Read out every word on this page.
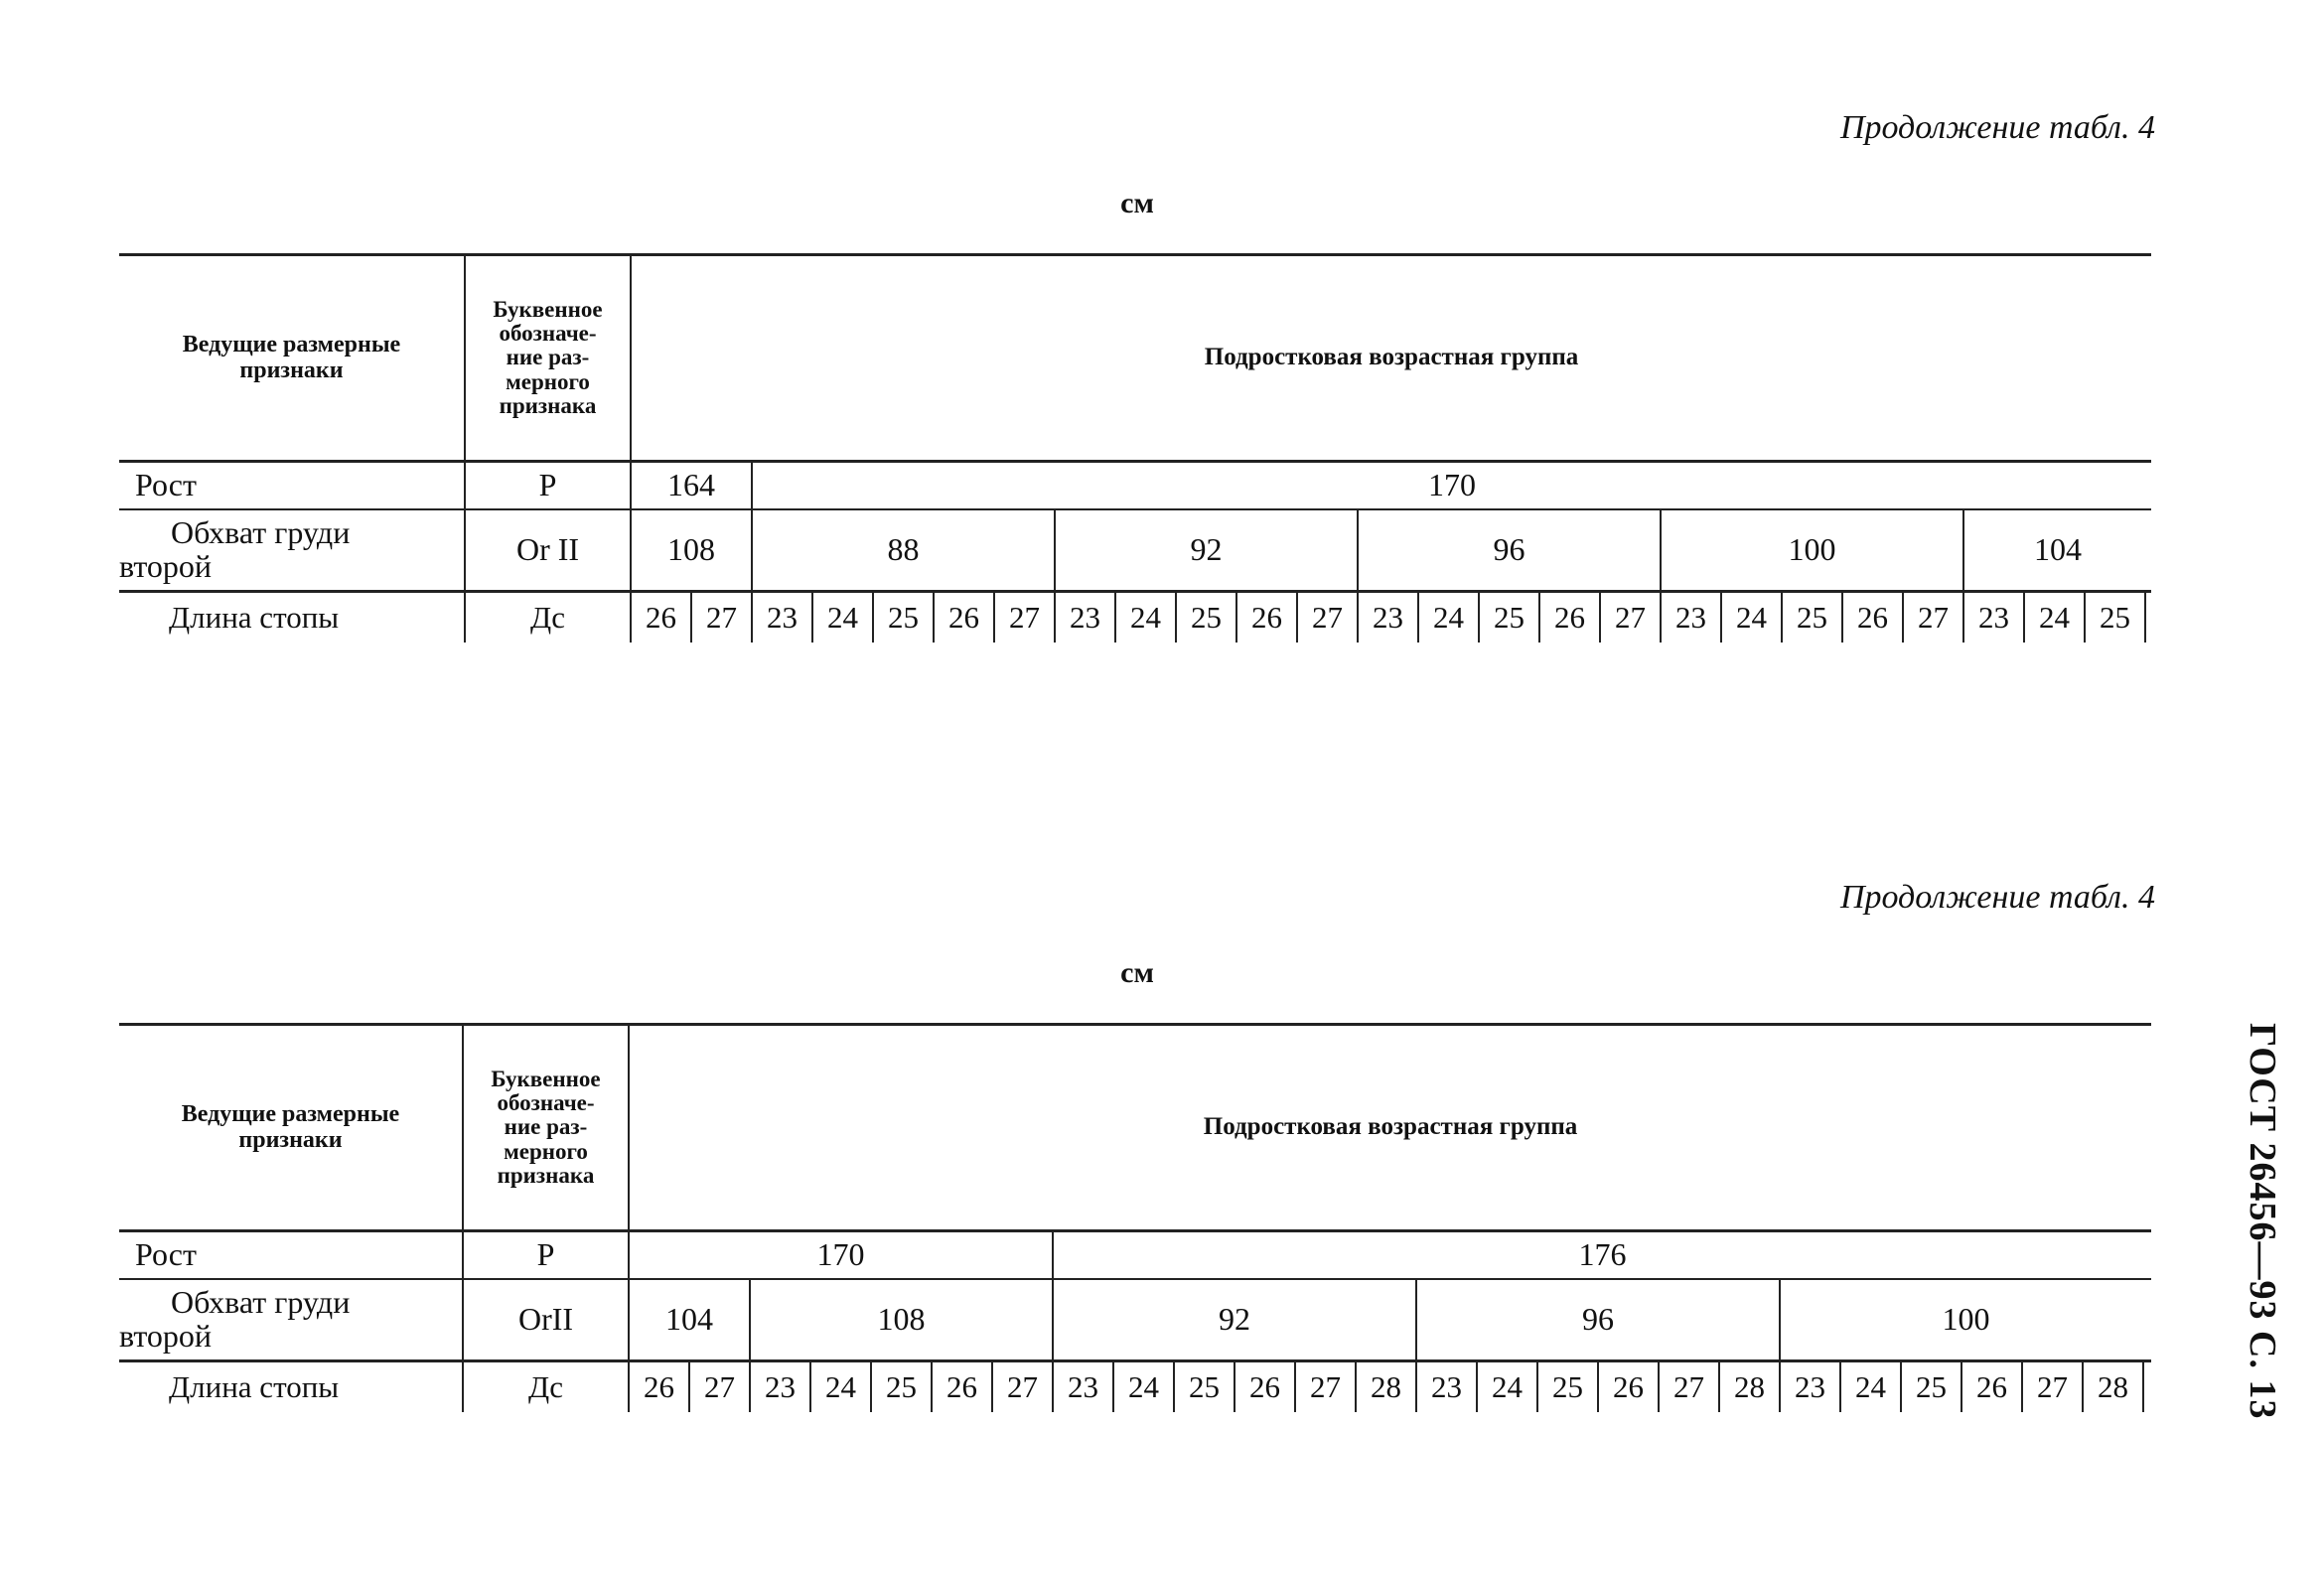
Продолжение табл. 4
см
Ведущие размерные признаки	Буквенное
обозначе-
ние раз-
мерного
признака	Подростковая возрастная группа																									
Рост	Р	164		170																							

Обхват груди
второй	Or II	108		88					92					96					100					104			
Длина стопы	Дс	26	27	23	24	25	26	27	23	24	25	26	27	23	24	25	26	27	23	24	25	26	27	23	24	25	
Продолжение табл. 4
см
Ведущие размерные признаки	Буквенное
обозначе-
ние раз-
мерного
признака	Подростковая возрастная группа																									
Рост	Р	170							176																		

Обхват груди
второй	OrII	104		108					92						96						100						
Длина стопы	Дс	26	27	23	24	25	26	27	23	24	25	26	27	28	23	24	25	26	27	28	23	24	25	26	27	28		ГОСТ 26456—93 С. 13
